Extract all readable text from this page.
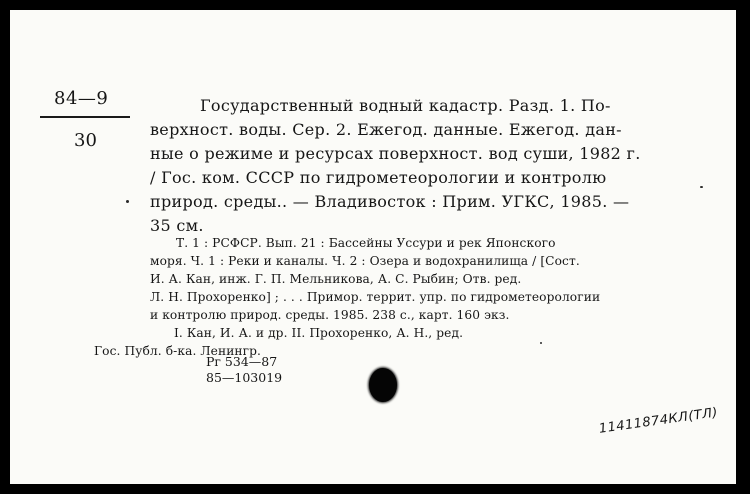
84—9
30
Государственный водный кадастр. Разд. 1. По-
верхност. воды. Сер. 2. Ежегод. данные. Ежегод. дан-
ные о режиме и ресурсах поверхност. вод суши, 1982 г.
/ Гос. ком. СССР по гидрометеорологии и контролю
природ. среды.. — Владивосток : Прим. УГКС, 1985. —
35 см.
Т. 1 : РСФСР. Вып. 21 : Бассейны Уссури и рек Японского
моря. Ч. 1 : Реки и каналы. Ч. 2 : Озера и водохранилища / [Сост.
И. А. Кан, инж. Г. П. Мельникова, А. С. Рыбин; Отв. ред.
Л. Н. Прохоренко] ; . . . Примор. террит. упр. по гидрометеорологии
и контролю природ. среды. 1985. 238 с., карт. 160 экз.
I. Кан, И. А. и др. II. Прохоренко, А. Н., ред.
Гос. Публ. б-ка. Ленингр.
Рг 534—87
85—103019
11411874КЛ(ТЛ)
